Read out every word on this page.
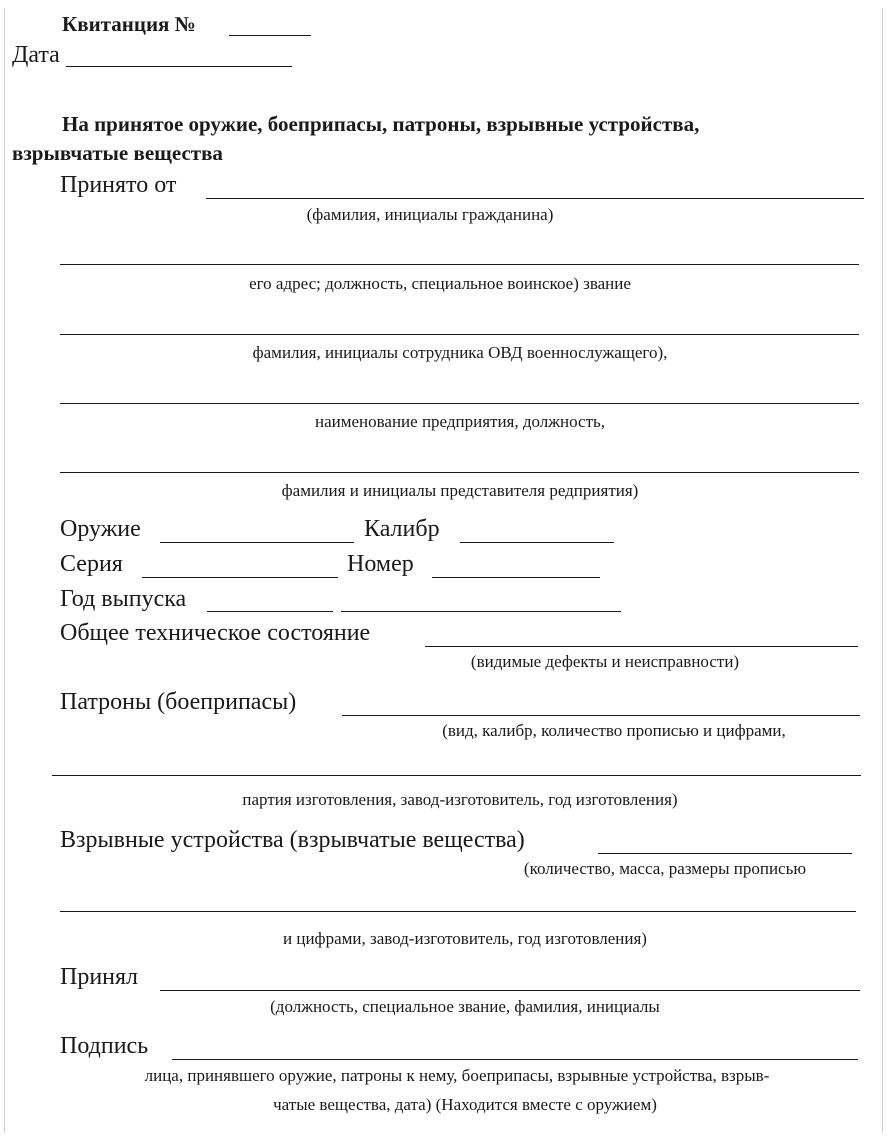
Квитанция №
Дата
На принятое оружие, боеприпасы, патроны, взрывные устройства,
взрывчатые вещества
Принято от
(фамилия, инициалы гражданина)
его адрес; должность, специальное воинское) звание
фамилия, инициалы сотрудника ОВД военнослужащего),
наименование предприятия, должность,
фамилия и инициалы представителя редприятия)
Оружие	Калибр
Серия	Номер
Год выпуска
Общее техническое состояние
(видимые дефекты и неисправности)
Патроны (боеприпасы)
(вид, калибр, количество прописью и цифрами,
партия изготовления, завод-изготовитель, год изготовления)
Взрывные устройства (взрывчатые вещества)
(количество, масса, размеры прописью
и цифрами, завод-изготовитель, год изготовления)
Принял
(должность, специальное звание, фамилия, инициалы
Подпись
лица, принявшего оружие, патроны к нему, боеприпасы, взрывные устройства, взрыв-
чатые вещества, дата) (Находится вместе с оружием)
